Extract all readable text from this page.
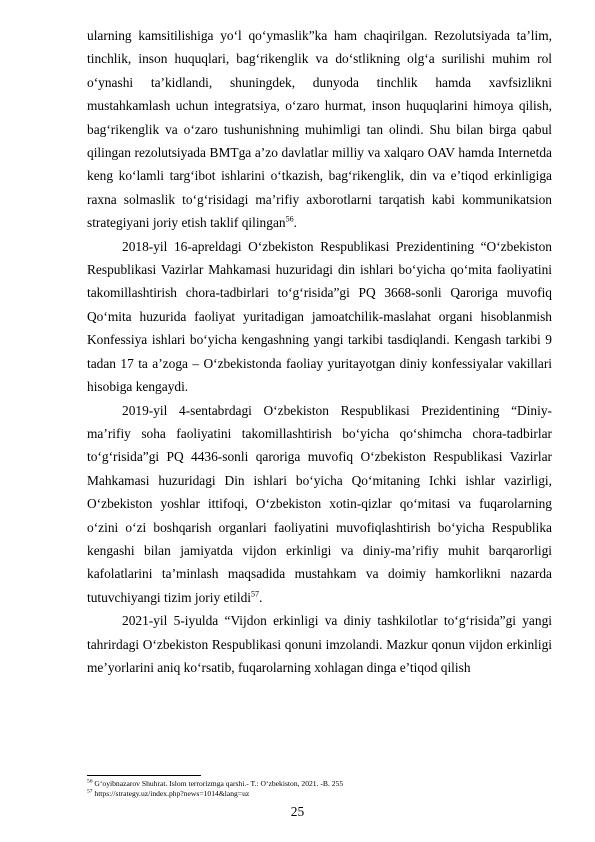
ularning kamsitilishiga yo‘l qo‘ymaslik”ka ham chaqirilgan. Rezolutsiyada ta’lim, tinchlik, inson huquqlari, bag‘rikenglik va do‘stlikning olg‘a surilishi muhim rol o‘ynashi ta’kidlandi, shuningdek, dunyoda tinchlik hamda xavfsizlikni mustahkamlash uchun integratsiya, o‘zaro hurmat, inson huquqlarini himoya qilish, bag‘rikenglik va o‘zaro tushunishning muhimligi tan olindi. Shu bilan birga qabul qilingan rezolutsiyada BMTga a’zo davlatlar milliy va xalqaro OAV hamda Internetda keng ko‘lamli targ‘ibot ishlarini o‘tkazish, bag‘rikenglik, din va e’tiqod erkinligiga raxna solmaslik to‘g‘risidagi ma’rifiy axborotlarni tarqatish kabi kommunikatsion strategiyani joriy etish taklif qilingan$^{56}$.

2018-yil 16-apreldagi O‘zbekiston Respublikasi Prezidentining “O‘zbekiston Respublikasi Vazirlar Mahkamasi huzuridagi din ishlari bo‘yicha qo‘mita faoliyatini takomillashtirish chora-tadbirlari to‘g‘risida”gi PQ 3668-sonli Qaroriga muvofiq Qo‘mita huzurida faoliyat yuritadigan jamoatchilik-maslahat organi hisoblanmish Konfessiya ishlari bo‘yicha kengashning yangi tarkibi tasdiqlandi. Kengash tarkibi 9 tadan 17 ta a’zoga – O‘zbekistonda faoliay yuritayotgan diniy konfessiyalar vakillari hisobiga kengaydi.

2019-yil 4-sentabrdagi O‘zbekiston Respublikasi Prezidentining “Diniy-ma’rifiy soha faoliyatini takomillashtirish bo‘yicha qo‘shimcha chora-tadbirlar to‘g‘risida”gi PQ 4436-sonli qaroriga muvofiq O‘zbekiston Respublikasi Vazirlar Mahkamasi huzuridagi Din ishlari bo‘yicha Qo‘mitaning Ichki ishlar vazirligi, O‘zbekiston yoshlar ittifoqi, O‘zbekiston xotin-qizlar qo‘mitasi va fuqarolarning o‘zini o‘zi boshqarish organlari faoliyatini muvofiqlashtirish bo‘yicha Respublika kengashi bilan jamiyatda vijdon erkinligi va diniy-ma’rifiy muhit barqarorligi kafolatlarini ta’minlash maqsadida mustahkam va doimiy hamkorlikni nazarda tutuvchiyangi tizim joriy etildi$^{57}$.

2021-yil 5-iyulda “Vijdon erkinligi va diniy tashkilotlar to‘g‘risida”gi yangi tahrirdagi O‘zbekiston Respublikasi qonuni imzolandi. Mazkur qonun vijdon erkinligi me’yorlarini aniq ko‘rsatib, fuqarolarning xohlagan dinga e’tiqod qilish

$^{56}$ G‘oyibnazarov Shuhrat. Islom terrorizmga qarshi.- T.: O‘zbekiston, 2021. -B. 255

$^{57}$ https://strategy.uz/index.php?news=1014&lang=uz

25
